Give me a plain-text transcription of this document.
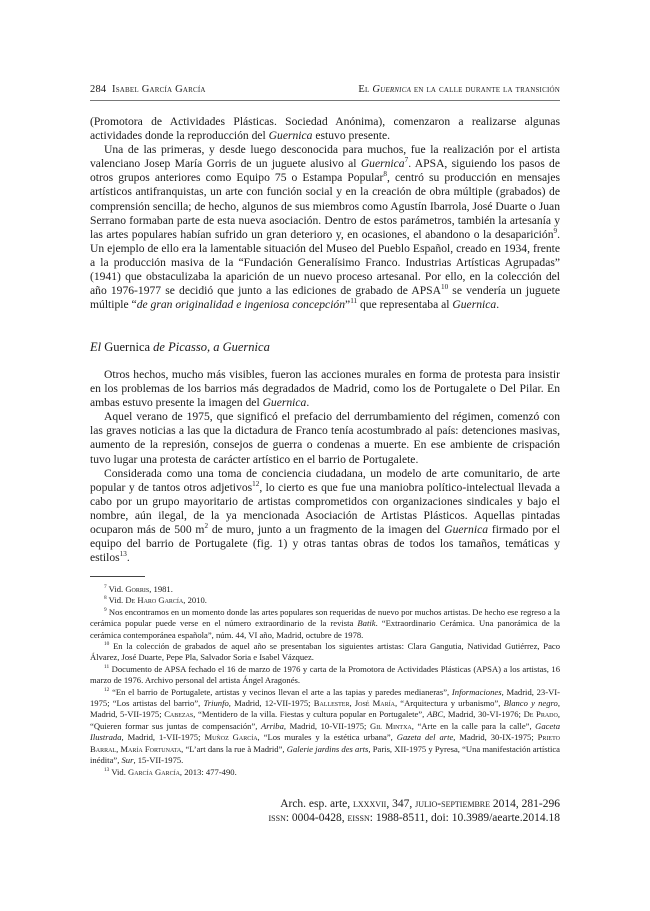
284 Isabel García García	El Guernica en la calle durante la transición

(Promotora de Actividades Plásticas. Sociedad Anónima), comenzaron a realizarse algunas actividades donde la reproducción del Guernica estuvo presente.

Una de las primeras, y desde luego desconocida para muchos, fue la realización por el artista valenciano Josep María Gorris de un juguete alusivo al Guernica$^7$. APSA, siguiendo los pasos de otros grupos anteriores como Equipo 75 o Estampa Popular$^8$, centró su producción en mensajes artísticos antifranquistas, un arte con función social y en la creación de obra múltiple (grabados) de comprensión sencilla; de hecho, algunos de sus miembros como Agustín Ibarrola, José Duarte o Juan Serrano formaban parte de esta nueva asociación. Dentro de estos parámetros, también la artesanía y las artes populares habían sufrido un gran deterioro y, en ocasiones, el abandono o la desaparición$^9$. Un ejemplo de ello era la lamentable situación del Museo del Pueblo Español, creado en 1934, frente a la producción masiva de la “Fundación Generalísimo Franco. Industrias Artísticas Agrupadas” (1941) que obstaculizaba la aparición de un nuevo proceso artesanal. Por ello, en la colección del año 1976-1977 se decidió que junto a las ediciones de grabado de APSA$^{10}$ se vendería un juguete múltiple “de gran originalidad e ingeniosa concepción”$^{11}$ que representaba al Guernica.

El Guernica de Picasso, a Guernica

Otros hechos, mucho más visibles, fueron las acciones murales en forma de protesta para insistir en los problemas de los barrios más degradados de Madrid, como los de Portugalete o Del Pilar. En ambas estuvo presente la imagen del Guernica.

Aquel verano de 1975, que significó el prefacio del derrumbamiento del régimen, comenzó con las graves noticias a las que la dictadura de Franco tenía acostumbrado al país: detenciones masivas, aumento de la represión, consejos de guerra o condenas a muerte. En ese ambiente de crispación tuvo lugar una protesta de carácter artístico en el barrio de Portugalete.

Considerada como una toma de conciencia ciudadana, un modelo de arte comunitario, de arte popular y de tantos otros adjetivos$^{12}$, lo cierto es que fue una maniobra político-intelectual llevada a cabo por un grupo mayoritario de artistas comprometidos con organizaciones sindicales y bajo el nombre, aún ilegal, de la ya mencionada Asociación de Artistas Plásticos. Aquellas pintadas ocuparon más de 500 $m^2$ de muro, junto a un fragmento de la imagen del Guernica firmado por el equipo del barrio de Portugalete (fig. 1) y otras tantas obras de todos los tamaños, temáticas y estilos$^{13}$.

$^7$ Vid. Gorris, 1981.

$^8$ Vid. De Haro García, 2010.

$^9$ Nos encontramos en un momento donde las artes populares son requeridas de nuevo por muchos artistas. De hecho ese regreso a la cerámica popular puede verse en el número extraordinario de la revista Batik. “Extraordinario Cerámica. Una panorámica de la cerámica contemporánea española”, núm. 44, VI año, Madrid, octubre de 1978.

$^{10}$ En la colección de grabados de aquel año se presentaban los siguientes artistas: Clara Gangutia, Natividad Gutiérrez, Paco Álvarez, José Duarte, Pepe Pla, Salvador Soria e Isabel Vázquez.

$^{11}$ Documento de APSA fechado el 16 de marzo de 1976 y carta de la Promotora de Actividades Plásticas (APSA) a los artistas, 16 marzo de 1976. Archivo personal del artista Ángel Aragonés.

$^{12}$ “En el barrio de Portugalete, artistas y vecinos llevan el arte a las tapias y paredes medianeras”, Informaciones, Madrid, 23-VI-1975; “Los artistas del barrio”, Triunfo, Madrid, 12-VII-1975; Ballester, José María, “Arquitectura y urbanismo”, Blanco y negro, Madrid, 5-VII-1975; Cabezas, “Mentidero de la villa. Fiestas y cultura popular en Portugalete”, ABC, Madrid, 30-VI-1976; De Prado, “Quieren formar sus juntas de compensación”, Arriba, Madrid, 10-VII-1975; Gil Mintxa, “Arte en la calle para la calle”, Gaceta Ilustrada, Madrid, 1-VII-1975; Muñoz García, “Los murales y la estética urbana”, Gazeta del arte, Madrid, 30-IX-1975; Prieto Barral, María Fortunata, “L’art dans la rue à Madrid”, Galerie jardins des arts, Paris, XII-1975 y Pyresa, “Una manifestación artística inédita”, Sur, 15-VII-1975.

$^{13}$ Vid. García García, 2013: 477-490.

Arch. esp. arte, lxxxvii, 347, julio-septiembre 2014, 281-296
issn: 0004-0428, eissn: 1988-8511, doi: 10.3989/aearte.2014.18
